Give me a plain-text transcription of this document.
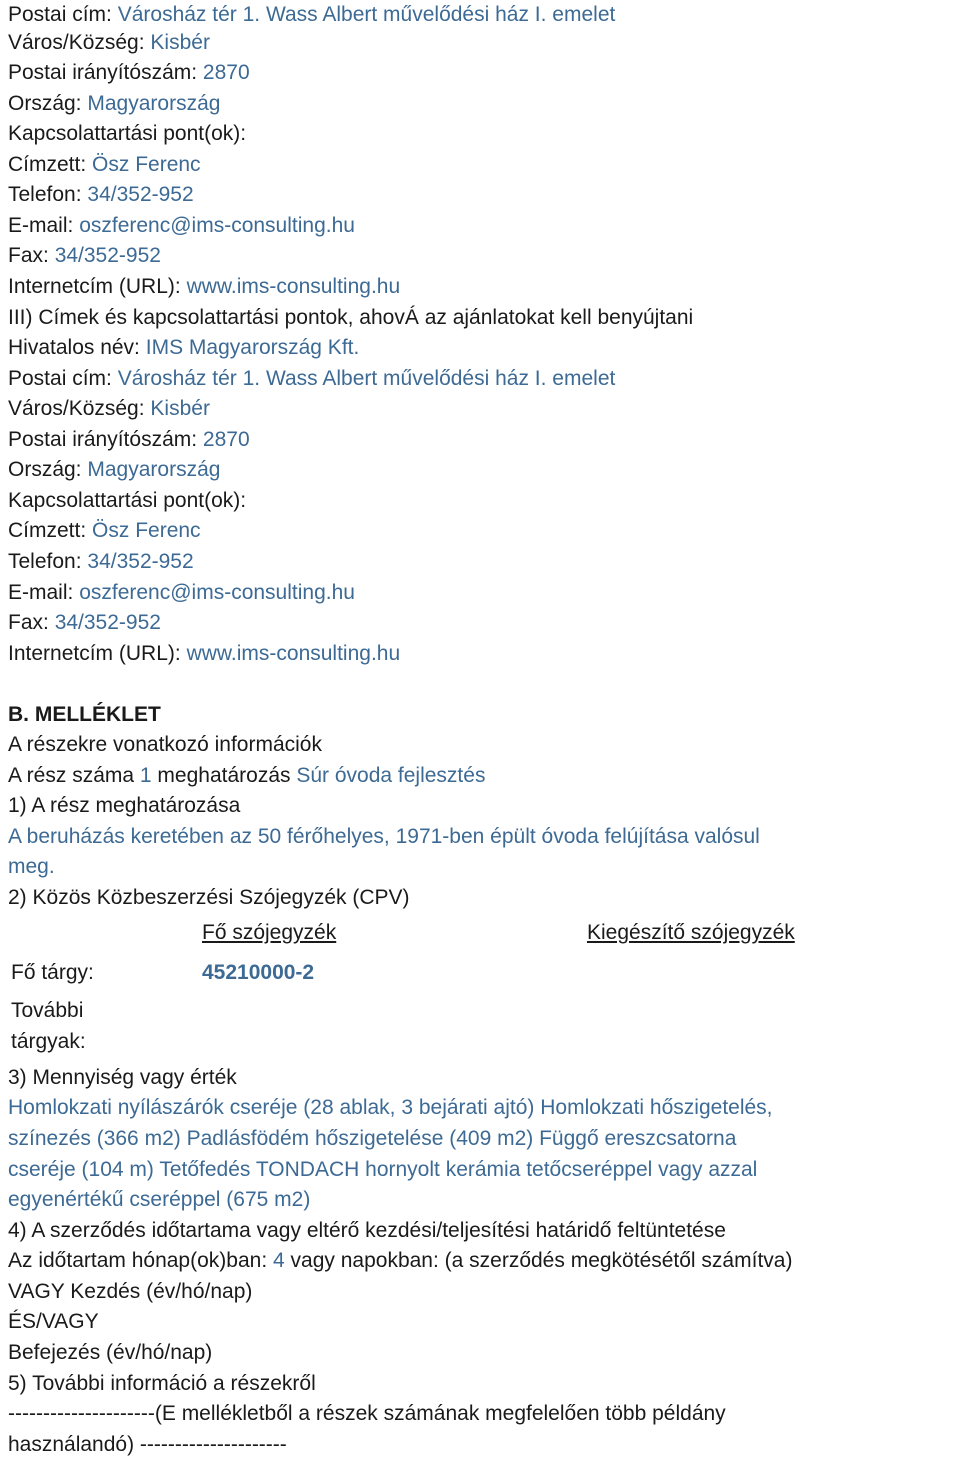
Postai cím: Városház tér 1. Wass Albert művelődési ház I. emelet
Város/Község: Kisbér
Postai irányítószám: 2870
Ország: Magyarország
Kapcsolattartási pont(ok):
Címzett: Ösz Ferenc
Telefon: 34/352-952
E-mail: oszferenc@ims-consulting.hu
Fax: 34/352-952
Internetcím (URL): www.ims-consulting.hu
III) Címek és kapcsolattartási pontok, ahovÁ az ajánlatokat kell benyújtani
Hivatalos név: IMS Magyarország Kft.
Postai cím: Városház tér 1. Wass Albert művelődési ház I. emelet
Város/Község: Kisbér
Postai irányítószám: 2870
Ország: Magyarország
Kapcsolattartási pont(ok):
Címzett: Ösz Ferenc
Telefon: 34/352-952
E-mail: oszferenc@ims-consulting.hu
Fax: 34/352-952
Internetcím (URL): www.ims-consulting.hu
B. MELLÉKLET
A részekre vonatkozó információk
A rész száma 1 meghatározás Súr óvoda fejlesztés
1) A rész meghatározása
A beruházás keretében az 50 férőhelyes, 1971-ben épült óvoda felújítása valósul
meg.
2) Közös Közbeszerzési Szójegyzék (CPV)
Fő szójegyzék	Kiegészítő szójegyzék
Fő tárgy:	45210000-2
További
tárgyak:
3) Mennyiség vagy érték
Homlokzati nyílászárók cseréje (28 ablak, 3 bejárati ajtó) Homlokzati hőszigetelés,
színezés (366 m2) Padlásfödém hőszigetelése (409 m2) Függő ereszcsatorna
cseréje (104 m) Tetőfedés TONDACH hornyolt kerámia tetőcseréppel vagy azzal
egyenértékű cseréppel (675 m2)
4) A szerződés időtartama vagy eltérő kezdési/teljesítési határidő feltüntetése
Az időtartam hónap(ok)ban: 4 vagy napokban: (a szerződés megkötésétől számítva)
VAGY Kezdés (év/hó/nap)
ÉS/VAGY
Befejezés (év/hó/nap)
5) További információ a részekről
---------------------(E mellékletből a részek számának megfelelően több példány
használandó) ---------------------
